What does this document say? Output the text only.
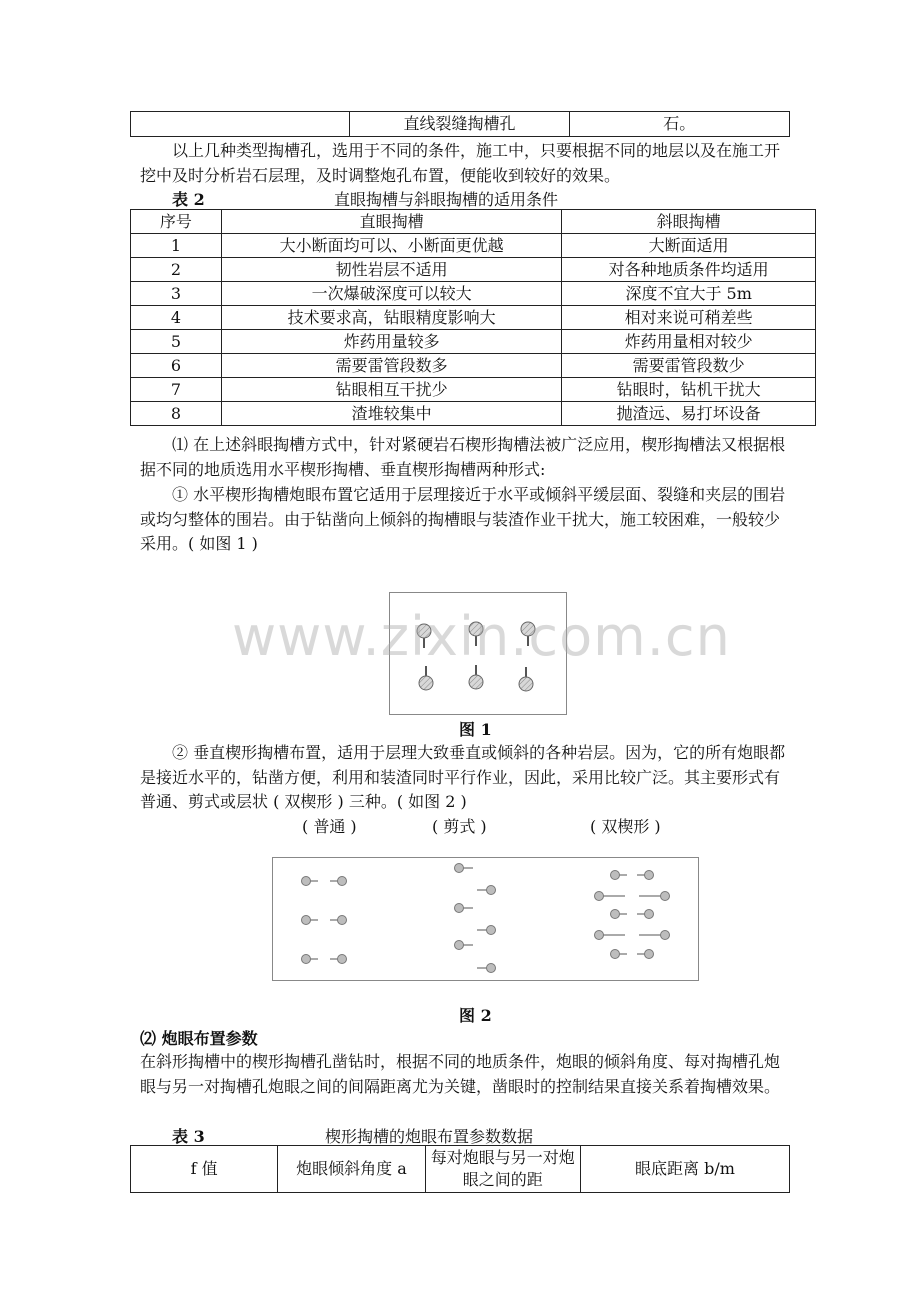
	直线裂缝掏槽孔	石。
以上几种类型掏槽孔，选用于不同的条件，施工中，只要根据不同的地层以及在施工开挖中及时分析岩石层理，及时调整炮孔布置，便能收到较好的效果。
表 2	直眼掏槽与斜眼掏槽的适用条件
序号	直眼掏槽	斜眼掏槽
1	大小断面均可以、小断面更优越	大断面适用
2	韧性岩层不适用	对各种地质条件均适用
3	一次爆破深度可以较大	深度不宜大于 5m
4	技术要求高，钻眼精度影响大	相对来说可稍差些
5	炸药用量较多	炸药用量相对较少
6	需要雷管段数多	需要雷管段数少
7	钻眼相互干扰少	钻眼时，钻机干扰大
8	渣堆较集中	抛渣远、易打坏设备
⑴ 在上述斜眼掏槽方式中，针对紧硬岩石楔形掏槽法被广泛应用，楔形掏槽法又根据根据不同的地质选用水平楔形掏槽、垂直楔形掏槽两种形式:
① 水平楔形掏槽炮眼布置它适用于层理接近于水平或倾斜平缓层面、裂缝和夹层的围岩或均匀整体的围岩。由于钻凿向上倾斜的掏槽眼与装渣作业干扰大，施工较困难，一般较少采用。( 如图 1 )
www.zixin.com.cn
图 1
② 垂直楔形掏槽布置，适用于层理大致垂直或倾斜的各种岩层。因为，它的所有炮眼都是接近水平的，钻凿方便，利用和装渣同时平行作业，因此，采用比较广泛。其主要形式有普通、剪式或层状 ( 双楔形 ) 三种。( 如图 2 )
( 普通 )	( 剪式 )	( 双楔形 )
图 2
⑵ 炮眼布置参数
在斜形掏槽中的楔形掏槽孔凿钻时，根据不同的地质条件，炮眼的倾斜角度、每对掏槽孔炮眼与另一对掏槽孔炮眼之间的间隔距离尤为关键，凿眼时的控制结果直接关系着掏槽效果。
表 3	楔形掏槽的炮眼布置参数数据
f 值	炮眼倾斜角度 a	每对炮眼与另一对炮眼之间的距	眼底距离 b/m
